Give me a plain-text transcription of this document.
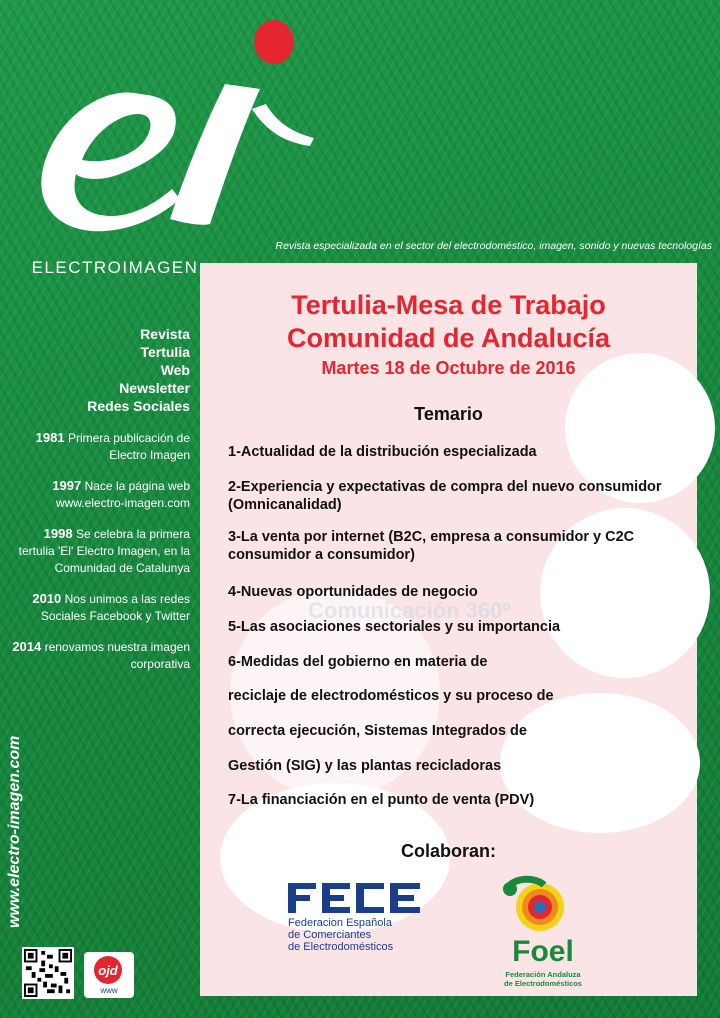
ELECTROIMAGEN
Revista especializada en el sector del electrodoméstico, imagen, sonido y nuevas tecnologías
Revista
Tertulia
Web
Newsletter
Redes Sociales
1981 Primera publicación de Electro Imagen
1997 Nace la página web www.electro-imagen.com
1998 Se celebra la primera tertulia 'El' Electro Imagen, en la Comunidad de Catalunya
2010 Nos unimos a las redes Sociales Facebook y Twitter
2014 renovamos nuestra imagen corporativa
www.electro-imagen.com
ojd
www
Tertulia-Mesa de Trabajo
Comunidad de Andalucía
Martes 18 de Octubre de 2016
Temario
Comunicación 360º
1-Actualidad de la distribución especializada
2-Experiencia y expectativas de compra del nuevo consumidor (Omnicanalidad)
3-La venta por internet (B2C, empresa a consumidor y C2C consumidor a consumidor)
4-Nuevas oportunidades de negocio
5-Las asociaciones sectoriales y su importancia
6-Medidas del gobierno en materia de
reciclaje de electrodomésticos y su proceso de
correcta ejecución, Sistemas Integrados de
Gestión (SIG) y las plantas recicladoras
7-La financiación en el punto de venta (PDV)
Colaboran:
FECE
Federacion Española
de Comerciantes
de Electrodomésticos	Foel
Federación Andaluza
de Electrodomésticos
